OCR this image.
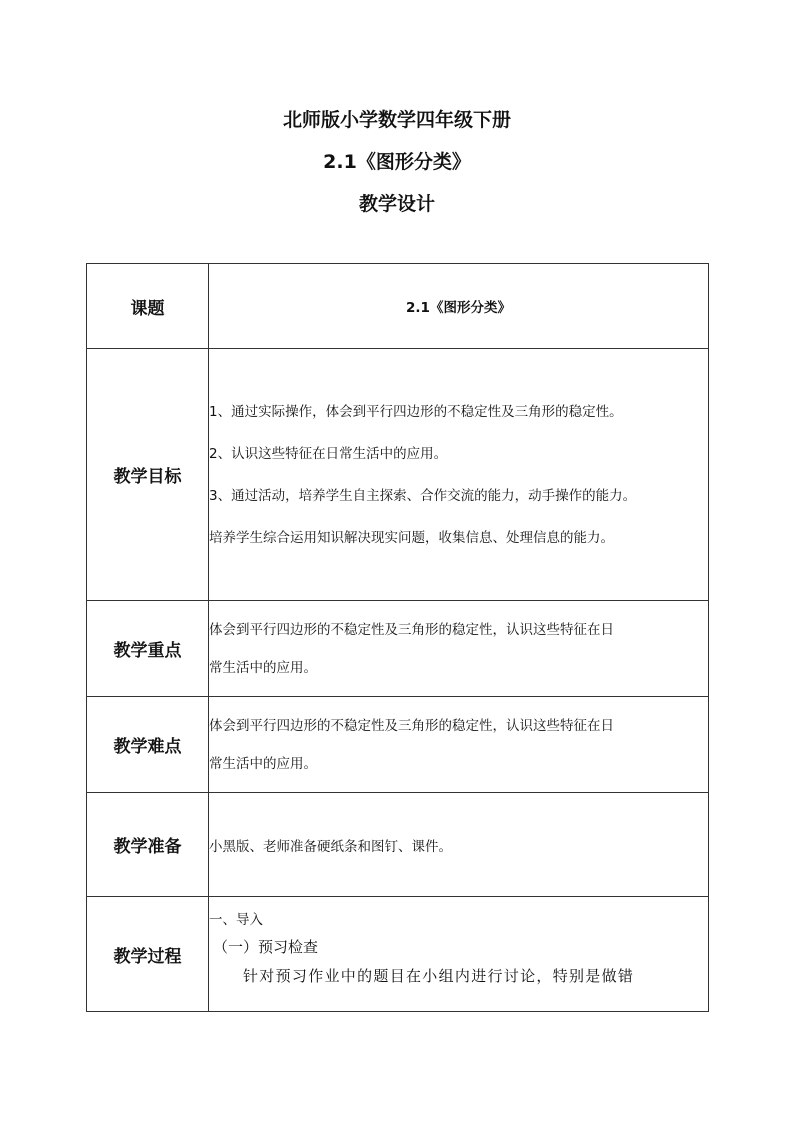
北师版小学数学四年级下册
2.1《图形分类》
教学设计
课题	2.1《图形分类》
教学目标	1、通过实际操作，体会到平行四边形的不稳定性及三角形的稳定性。
2、认识这些特征在日常生活中的应用。
3、通过活动，培养学生自主探索、合作交流的能力，动手操作的能力。
培养学生综合运用知识解决现实问题，收集信息、处理信息的能力。

教学重点	体会到平行四边形的不稳定性及三角形的稳定性，认识这些特征在日
常生活中的应用。

教学难点	体会到平行四边形的不稳定性及三角形的稳定性，认识这些特征在日
常生活中的应用。

教学准备	小黑版、老师准备硬纸条和图钉、课件。
教学过程	一、导入
（一）预习检查
针对预习作业中的题目在小组内进行讨论，特别是做错
